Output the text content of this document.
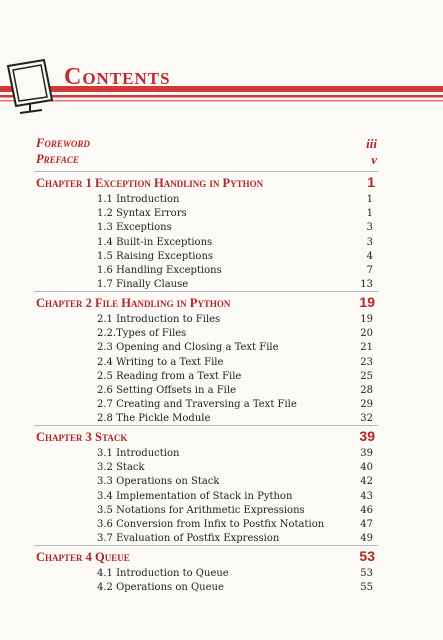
Contents
Foreword	iii
Preface	v
Chapter 1 Exception Handling in Python	1
1.1 Introduction	1
1.2 Syntax Errors	1
1.3 Exceptions	3
1.4 Built-in Exceptions	3
1.5 Raising Exceptions	4
1.6 Handling Exceptions	7
1.7 Finally Clause	13
Chapter 2 File Handling in Python	19
2.1 Introduction to Files	19
2.2.Types of Files	20
2.3 Opening and Closing a Text File	21
2.4 Writing to a Text File	23
2.5 Reading from a Text File	25
2.6 Setting Offsets in a File	28
2.7 Creating and Traversing a Text File	29
2.8 The Pickle Module	32
Chapter 3 Stack	39
3.1 Introduction	39
3.2 Stack	40
3.3 Operations on Stack	42
3.4 Implementation of Stack in Python	43
3.5 Notations for Arithmetic Expressions	46
3.6 Conversion from Infix to Postfix Notation	47
3.7 Evaluation of Postfix Expression	49
Chapter 4 Queue	53
4.1 Introduction to Queue	53
4.2 Operations on Queue	55
